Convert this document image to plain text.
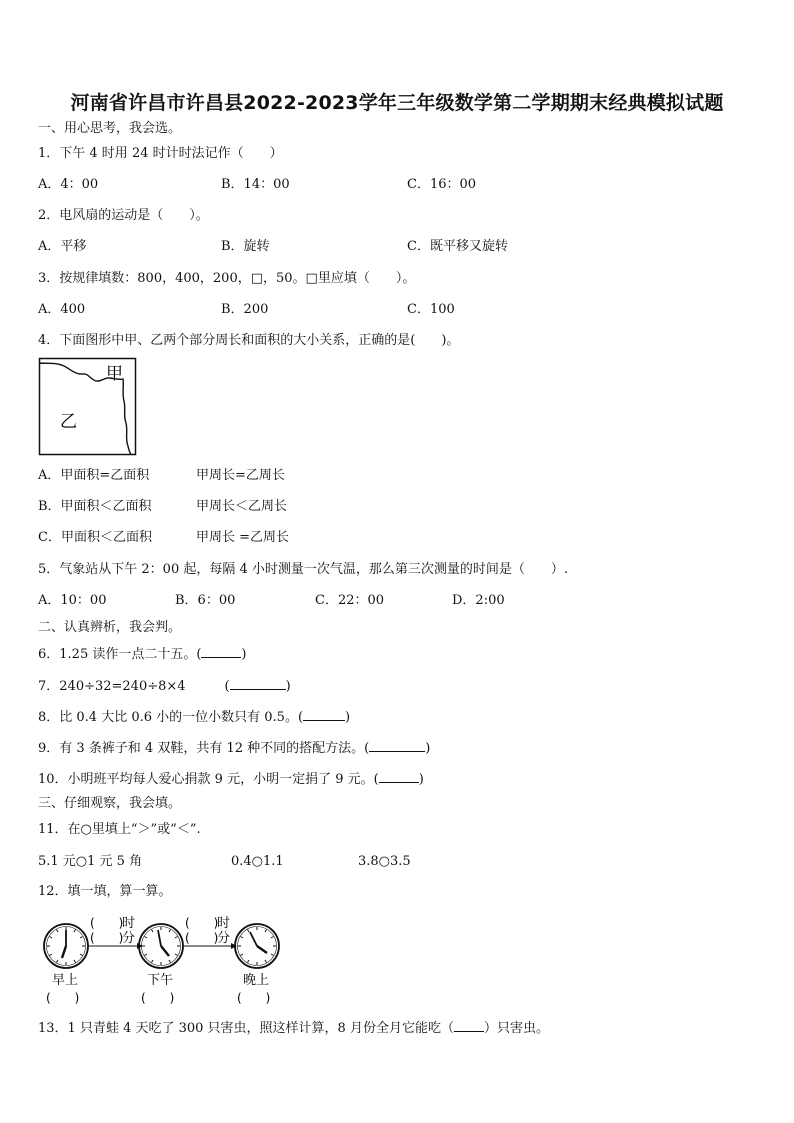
河南省许昌市许昌县2022-2023学年三年级数学第二学期期末经典模拟试题
一、用心思考，我会选。
1．下午 4 时用 24 时计时法记作（　　）
A．4：00	B．14：00	C．16：00
2．电风扇的运动是（　　）。
A．平移	B．旋转	C．既平移又旋转
3．按规律填数：800，400，200，□，50。□里应填（　　）。
A．400	B．200	C．100
4．下面图形中甲、乙两个部分周长和面积的大小关系，正确的是(　　)。
甲
乙
A．甲面积=乙面积	甲周长=乙周长
B．甲面积＜乙面积	甲周长＜乙周长
C．甲面积＜乙面积	甲周长 =乙周长
5．气象站从下午 2：00 起，每隔 4 小时测量一次气温，那么第三次测量的时间是（　　）.
A．10：00	B．6：00	C．22：00	D．2:00
二、认真辨析，我会判。
6．1.25 读作一点二十五。(	)
7．240÷32=240÷8×4　　　(	)
8．比 0.4 大比 0.6 小的一位小数只有 0.5。(	)
9．有 3 条裤子和 4 双鞋，共有 12 种不同的搭配方法。(	)
10．小明班平均每人爱心捐款 9 元，小明一定捐了 9 元。(	)
三、仔细观察，我会填。
11．在○里填上“＞”或“＜”.
5.1 元○1 元 5 角	0.4○1.1	3.8○3.5
12．填一填，算一算。
(　　)
时
(　　)
分
(　　)
时
(　　)
分
早上	下午	晚上
(　　)	(　　)	(　　)
13．1 只青蛙 4 天吃了 300 只害虫，照这样计算，8 月份全月它能吃（ ）只害虫。
